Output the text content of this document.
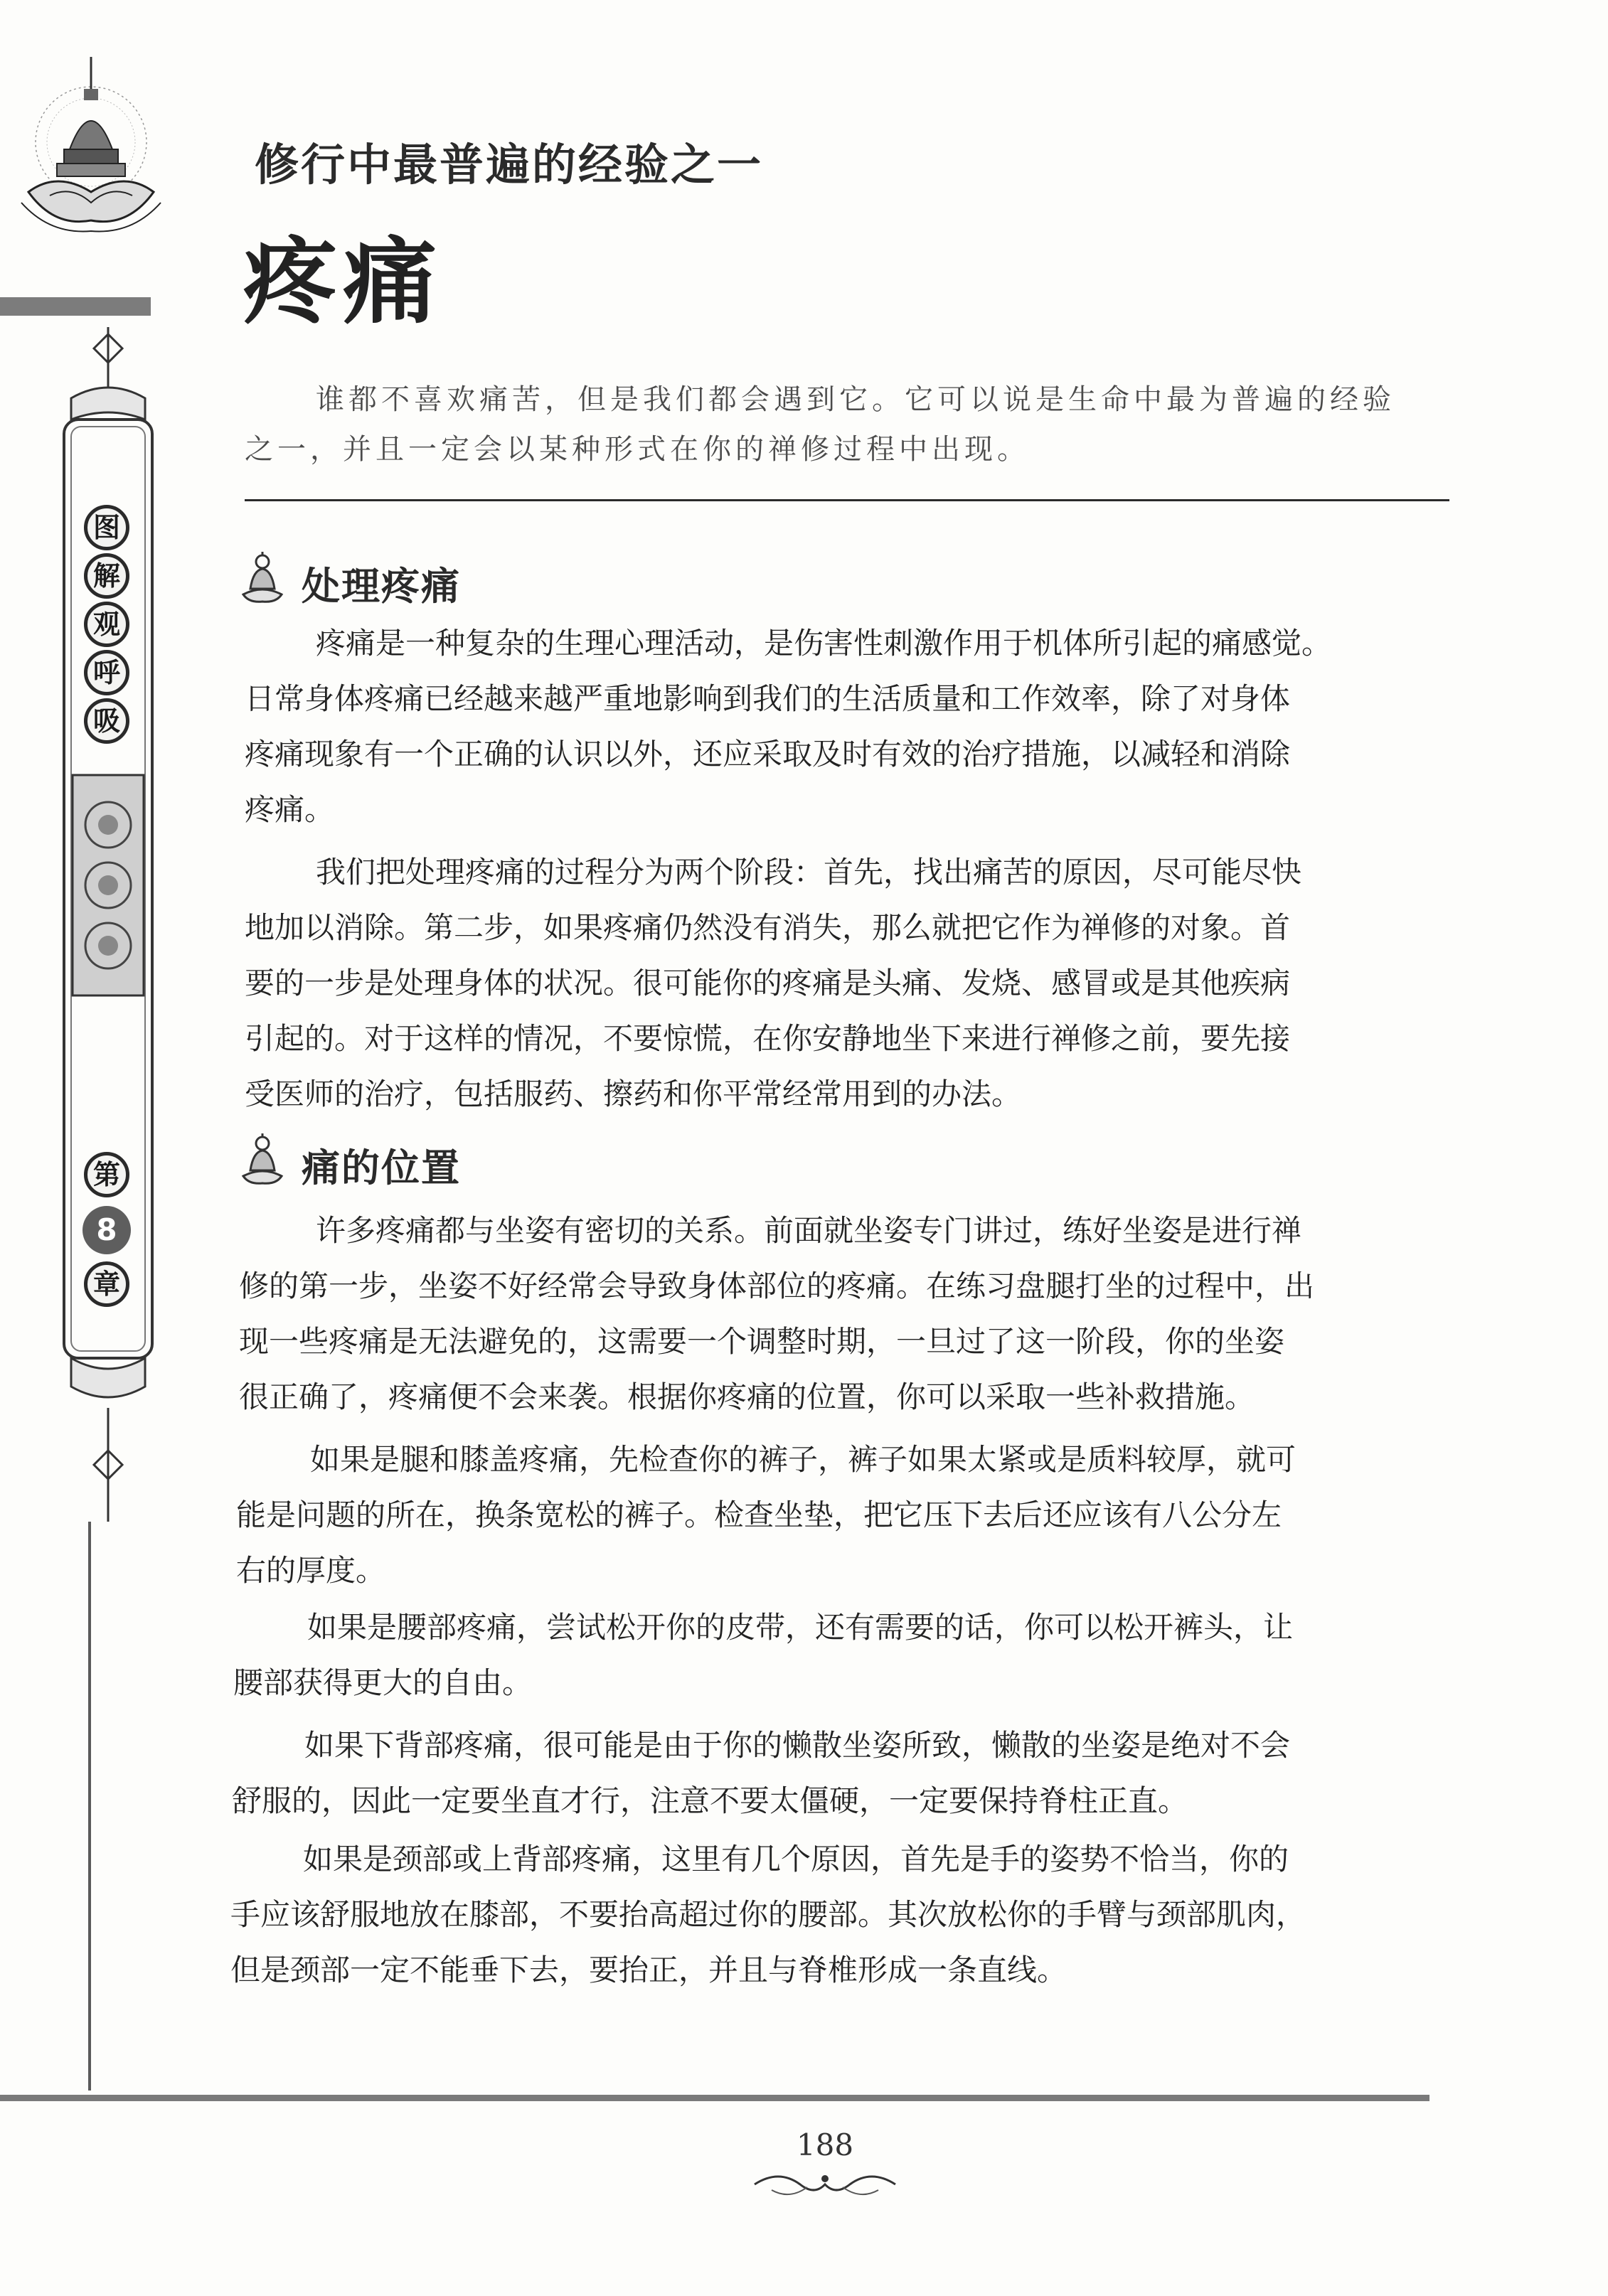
图
解
观
呼
吸
第
8
章
修行中最普遍的经验之一
疼痛
谁都不喜欢痛苦，但是我们都会遇到它。它可以说是生命中最为普遍的经验
之一，并且一定会以某种形式在你的禅修过程中出现。
处理疼痛
疼痛是一种复杂的生理心理活动，是伤害性刺激作用于机体所引起的痛感觉。
日常身体疼痛已经越来越严重地影响到我们的生活质量和工作效率，除了对身体
疼痛现象有一个正确的认识以外，还应采取及时有效的治疗措施，以减轻和消除
疼痛。
我们把处理疼痛的过程分为两个阶段：首先，找出痛苦的原因，尽可能尽快
地加以消除。第二步，如果疼痛仍然没有消失，那么就把它作为禅修的对象。首
要的一步是处理身体的状况。很可能你的疼痛是头痛、发烧、感冒或是其他疾病
引起的。对于这样的情况，不要惊慌，在你安静地坐下来进行禅修之前，要先接
受医师的治疗，包括服药、擦药和你平常经常用到的办法。
痛的位置
许多疼痛都与坐姿有密切的关系。前面就坐姿专门讲过，练好坐姿是进行禅
修的第一步，坐姿不好经常会导致身体部位的疼痛。在练习盘腿打坐的过程中，出
现一些疼痛是无法避免的，这需要一个调整时期，一旦过了这一阶段，你的坐姿
很正确了，疼痛便不会来袭。根据你疼痛的位置，你可以采取一些补救措施。
如果是腿和膝盖疼痛，先检查你的裤子，裤子如果太紧或是质料较厚，就可
能是问题的所在，换条宽松的裤子。检查坐垫，把它压下去后还应该有八公分左
右的厚度。
如果是腰部疼痛，尝试松开你的皮带，还有需要的话，你可以松开裤头，让
腰部获得更大的自由。
如果下背部疼痛，很可能是由于你的懒散坐姿所致，懒散的坐姿是绝对不会
舒服的，因此一定要坐直才行，注意不要太僵硬，一定要保持脊柱正直。
如果是颈部或上背部疼痛，这里有几个原因，首先是手的姿势不恰当，你的
手应该舒服地放在膝部，不要抬高超过你的腰部。其次放松你的手臂与颈部肌肉，
但是颈部一定不能垂下去，要抬正，并且与脊椎形成一条直线。
188
